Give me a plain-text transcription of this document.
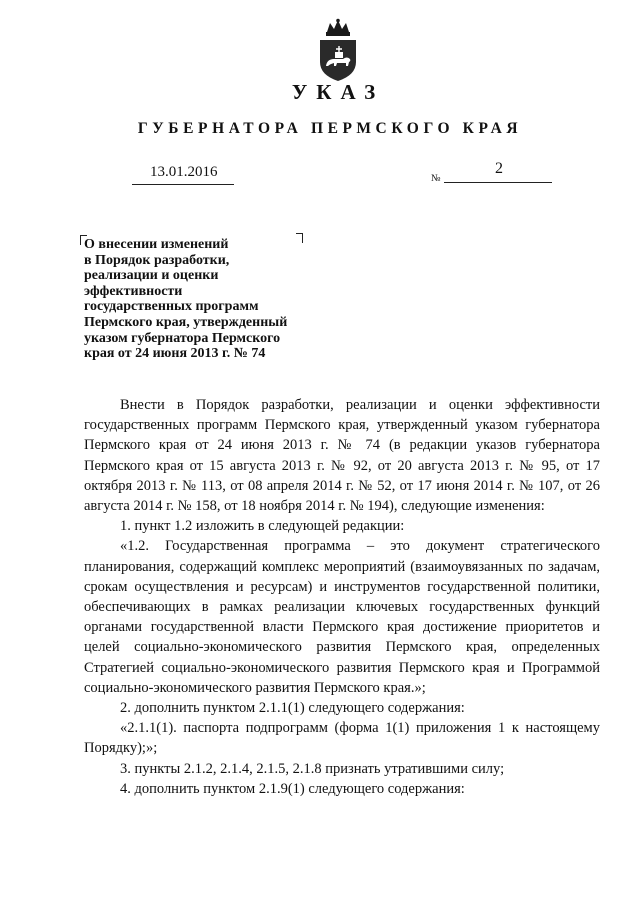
УКАЗ
ГУБЕРНАТОРА ПЕРМСКОГО КРАЯ
13.01.2016	№
2
О внесении изменений
в Порядок разработки,
реализации и оценки
эффективности
государственных программ
Пермского края, утвержденный
указом губернатора Пермского
края от 24 июня 2013 г. № 74

Внести в Порядок разработки, реализации и оценки эффективности государственных программ Пермского края, утвержденный указом губернатора Пермского края от 24 июня 2013 г. № 74 (в редакции указов губернатора Пермского края от 15 августа 2013 г. № 92, от 20 августа 2013 г. № 95, от 17 октября 2013 г. № 113, от 08 апреля 2014 г. № 52, от 17 июня 2014 г. № 107, от 26 августа 2014 г. № 158, от 18 ноября 2014 г. № 194), следующие изменения:

1. пункт 1.2 изложить в следующей редакции:

«1.2. Государственная программа – это документ стратегического планирования, содержащий комплекс мероприятий (взаимоувязанных по задачам, срокам осуществления и ресурсам) и инструментов государственной политики, обеспечивающих в рамках реализации ключевых государственных функций органами государственной власти Пермского края достижение приоритетов и целей социально-экономического развития Пермского края, определенных Стратегией социально-экономического развития Пермского края и Программой социально-экономического развития Пермского края.»;

2. дополнить пунктом 2.1.1(1) следующего содержания:

«2.1.1(1). паспорта подпрограмм (форма 1(1) приложения 1 к настоящему Порядку);»;

3. пункты 2.1.2, 2.1.4, 2.1.5, 2.1.8 признать утратившими силу;

4. дополнить пунктом 2.1.9(1) следующего содержания:
